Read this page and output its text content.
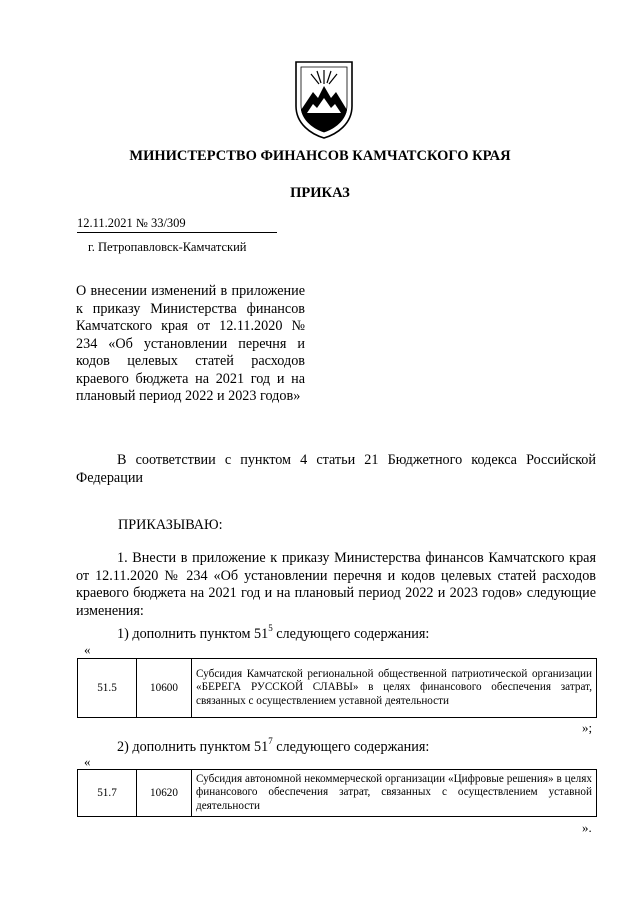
МИНИСТЕРСТВО ФИНАНСОВ КАМЧАТСКОГО КРАЯ
ПРИКАЗ
12.11.2021 № 33/309
г. Петропавловск-Камчатский

О внесении изменений в приложение к приказу Министерства финансов Камчатского края от 12.11.2020 № 234 «Об установлении перечня и кодов целевых статей расходов краевого бюджета на 2021 год и на плановый период 2022 и 2023 годов»

В соответствии с пунктом 4 статьи 21 Бюджетного кодекса Российской Федерации

ПРИКАЗЫВАЮ:

1. Внести в приложение к приказу Министерства финансов Камчатского края от 12.11.2020 № 234 «Об установлении перечня и кодов целевых статей расходов краевого бюджета на 2021 год и на плановый период 2022 и 2023 годов» следующие изменения:

1) дополнить пунктом $51^5$ следующего содержания:
«
51.5	10600	Субсидия Камчатской региональной общественной патриотической организации «БЕРЕГА РУССКОЙ СЛАВЫ» в целях финансового обеспечения затрат, связанных с осуществлением уставной деятельности
»;
2) дополнить пунктом $51^7$ следующего содержания:
«
51.7	10620	Субсидия автономной некоммерческой организации «Цифровые решения» в целях финансового обеспечения затрат, связанных с осуществлением уставной деятельности
».
